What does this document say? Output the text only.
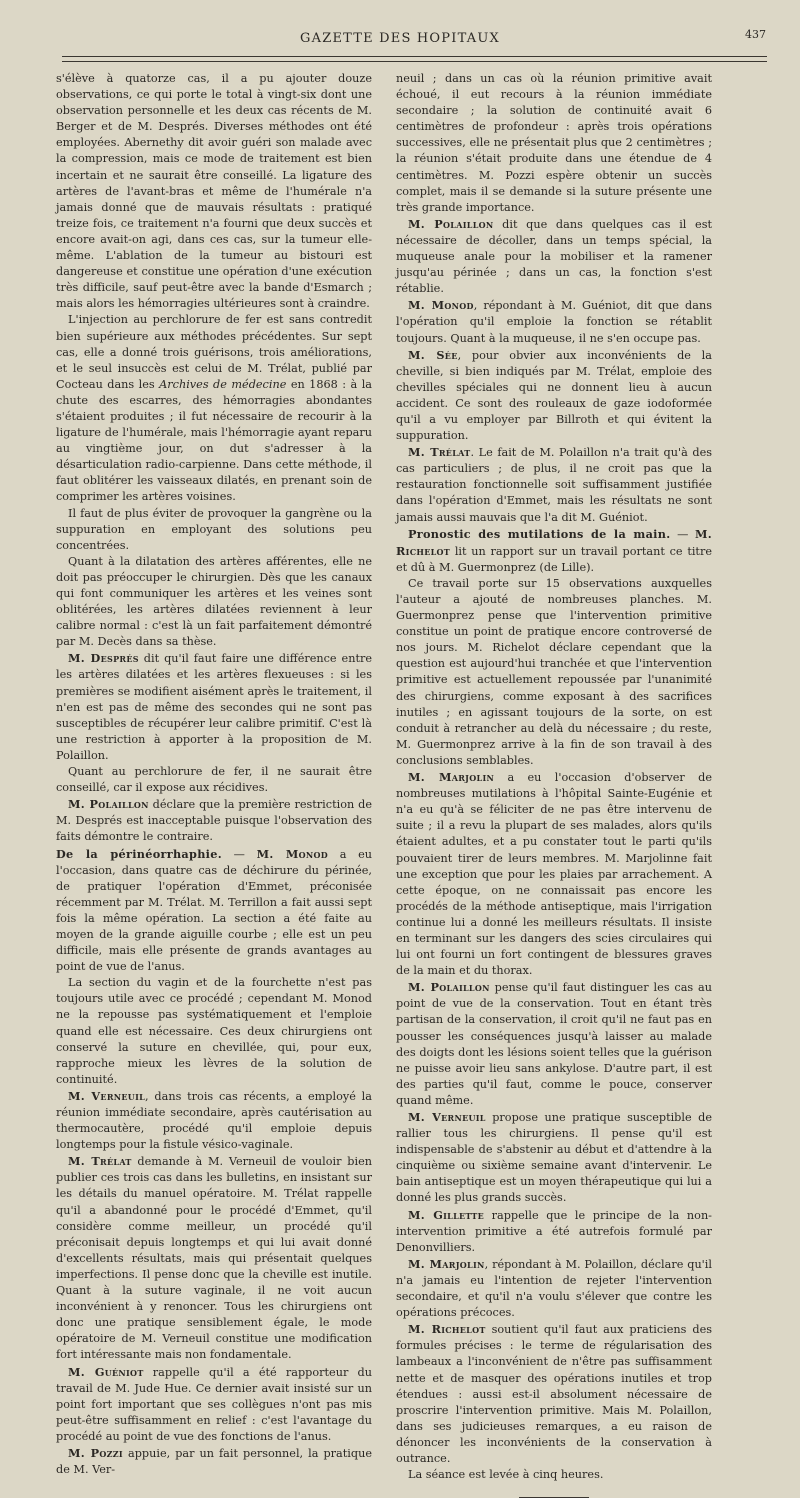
GAZETTE DES HOPITAUX	437

s'élève à quatorze cas, il a pu ajouter douze observations, ce qui porte le total à vingt-six dont une observation personnelle et les deux cas récents de M. Berger et de M. Després. Diverses méthodes ont été employées. Abernethy dit avoir guéri son malade avec la compression, mais ce mode de traitement est bien incertain et ne saurait être conseillé. La ligature des artères de l'avant-bras et même de l'humérale n'a jamais donné que de mauvais résultats : pratiqué treize fois, ce traitement n'a fourni que deux succès et encore avait-on agi, dans ces cas, sur la tumeur elle-même. L'ablation de la tumeur au bistouri est dangereuse et constitue une opération d'une exécution très difficile, sauf peut-être avec la bande d'Esmarch ; mais alors les hémorragies ultérieures sont à craindre.

L'injection au perchlorure de fer est sans contredit bien supérieure aux méthodes précédentes. Sur sept cas, elle a donné trois guérisons, trois améliorations, et le seul insuccès est celui de M. Trélat, publié par Cocteau dans les Archives de médecine en 1868 : à la chute des escarres, des hémorragies abondantes s'étaient produites ; il fut nécessaire de recourir à la ligature de l'humérale, mais l'hémorragie ayant reparu au vingtième jour, on dut s'adresser à la désarticulation radio-carpienne. Dans cette méthode, il faut oblitérer les vaisseaux dilatés, en prenant soin de comprimer les artères voisines.

Il faut de plus éviter de provoquer la gangrène ou la suppuration en employant des solutions peu concentrées.

Quant à la dilatation des artères afférentes, elle ne doit pas préoccuper le chirurgien. Dès que les canaux qui font communiquer les artères et les veines sont oblitérées, les artères dilatées reviennent à leur calibre normal : c'est là un fait parfaitement démontré par M. Decès dans sa thèse.

M. Després dit qu'il faut faire une différence entre les artères dilatées et les artères flexueuses : si les premières se modifient aisément après le traitement, il n'en est pas de même des secondes qui ne sont pas susceptibles de récupérer leur calibre primitif. C'est là une restriction à apporter à la proposition de M. Polaillon.

Quant au perchlorure de fer, il ne saurait être conseillé, car il expose aux récidives.

M. Polaillon déclare que la première restriction de M. Després est inacceptable puisque l'observation des faits démontre le contraire.

De la périnéorrhaphie. — M. Monod a eu l'occasion, dans quatre cas de déchirure du périnée, de pratiquer l'opération d'Emmet, préconisée récemment par M. Trélat. M. Terrillon a fait aussi sept fois la même opération. La section a été faite au moyen de la grande aiguille courbe ; elle est un peu difficile, mais elle présente de grands avantages au point de vue de l'anus.

La section du vagin et de la fourchette n'est pas toujours utile avec ce procédé ; cependant M. Monod ne la repousse pas systématiquement et l'emploie quand elle est nécessaire. Ces deux chirurgiens ont conservé la suture en chevillée, qui, pour eux, rapproche mieux les lèvres de la solution de continuité.

M. Verneuil, dans trois cas récents, a employé la réunion immédiate secondaire, après cautérisation au thermocautère, procédé qu'il emploie depuis longtemps pour la fistule vésico-vaginale.

M. Trélat demande à M. Verneuil de vouloir bien publier ces trois cas dans les bulletins, en insistant sur les détails du manuel opératoire. M. Trélat rappelle qu'il a abandonné pour le procédé d'Emmet, qu'il considère comme meilleur, un procédé qu'il préconisait depuis longtemps et qui lui avait donné d'excellents résultats, mais qui présentait quelques imperfections. Il pense donc que la cheville est inutile. Quant à la suture vaginale, il ne voit aucun inconvénient à y renoncer. Tous les chirurgiens ont donc une pratique sensiblement égale, le mode opératoire de M. Verneuil constitue une modification fort intéressante mais non fondamentale.

M. Guéniot rappelle qu'il a été rapporteur du travail de M. Jude Hue. Ce dernier avait insisté sur un point fort important que ses collègues n'ont pas mis peut-être suffisamment en relief : c'est l'avantage du procédé au point de vue des fonctions de l'anus.

M. Pozzi appuie, par un fait personnel, la pratique de M. Ver-

neuil ; dans un cas où la réunion primitive avait échoué, il eut recours à la réunion immédiate secondaire ; la solution de continuité avait 6 centimètres de profondeur : après trois opérations successives, elle ne présentait plus que 2 centimètres ; la réunion s'était produite dans une étendue de 4 centimètres. M. Pozzi espère obtenir un succès complet, mais il se demande si la suture présente une très grande importance.

M. Polaillon dit que dans quelques cas il est nécessaire de décoller, dans un temps spécial, la muqueuse anale pour la mobiliser et la ramener jusqu'au périnée ; dans un cas, la fonction s'est rétablie.

M. Monod, répondant à M. Guéniot, dit que dans l'opération qu'il emploie la fonction se rétablit toujours. Quant à la muqueuse, il ne s'en occupe pas.

M. Sée, pour obvier aux inconvénients de la cheville, si bien indiqués par M. Trélat, emploie des chevilles spéciales qui ne donnent lieu à aucun accident. Ce sont des rouleaux de gaze iodoformée qu'il a vu employer par Billroth et qui évitent la suppuration.

M. Trélat. Le fait de M. Polaillon n'a trait qu'à des cas particuliers ; de plus, il ne croit pas que la restauration fonctionnelle soit suffisamment justifiée dans l'opération d'Emmet, mais les résultats ne sont jamais aussi mauvais que l'a dit M. Guéniot.

Pronostic des mutilations de la main. — M. Richelot lit un rapport sur un travail portant ce titre et dû à M. Guermonprez (de Lille).

Ce travail porte sur 15 observations auxquelles l'auteur a ajouté de nombreuses planches. M. Guermonprez pense que l'intervention primitive constitue un point de pratique encore controversé de nos jours. M. Richelot déclare cependant que la question est aujourd'hui tranchée et que l'intervention primitive est actuellement repoussée par l'unanimité des chirurgiens, comme exposant à des sacrifices inutiles ; en agissant toujours de la sorte, on est conduit à retrancher au delà du nécessaire ; du reste, M. Guermonprez arrive à la fin de son travail à des conclusions semblables.

M. Marjolin a eu l'occasion d'observer de nombreuses mutilations à l'hôpital Sainte-Eugénie et n'a eu qu'à se féliciter de ne pas être intervenu de suite ; il a revu la plupart de ses malades, alors qu'ils étaient adultes, et a pu constater tout le parti qu'ils pouvaient tirer de leurs membres. M. Marjolinne fait une exception que pour les plaies par arrachement. A cette époque, on ne connaissait pas encore les procédés de la méthode antiseptique, mais l'irrigation continue lui a donné les meilleurs résultats. Il insiste en terminant sur les dangers des scies circulaires qui lui ont fourni un fort contingent de blessures graves de la main et du thorax.

M. Polaillon pense qu'il faut distinguer les cas au point de vue de la conservation. Tout en étant très partisan de la conservation, il croit qu'il ne faut pas en pousser les conséquences jusqu'à laisser au malade des doigts dont les lésions soient telles que la guérison ne puisse avoir lieu sans ankylose. D'autre part, il est des parties qu'il faut, comme le pouce, conserver quand même.

M. Verneuil propose une pratique susceptible de rallier tous les chirurgiens. Il pense qu'il est indispensable de s'abstenir au début et d'attendre à la cinquième ou sixième semaine avant d'intervenir. Le bain antiseptique est un moyen thérapeutique qui lui a donné les plus grands succès.

M. Gillette rappelle que le principe de la non-intervention primitive a été autrefois formulé par Denonvilliers.

M. Marjolin, répondant à M. Polaillon, déclare qu'il n'a jamais eu l'intention de rejeter l'intervention secondaire, et qu'il n'a voulu s'élever que contre les opérations précoces.

M. Richelot soutient qu'il faut aux praticiens des formules précises : le terme de régularisation des lambeaux a l'inconvénient de n'être pas suffisamment nette et de masquer des opérations inutiles et trop étendues : aussi est-il absolument nécessaire de proscrire l'intervention primitive. Mais M. Polaillon, dans ses judicieuses remarques, a eu raison de dénoncer les inconvénients de la conservation à outrance.

La séance est levée à cinq heures.
